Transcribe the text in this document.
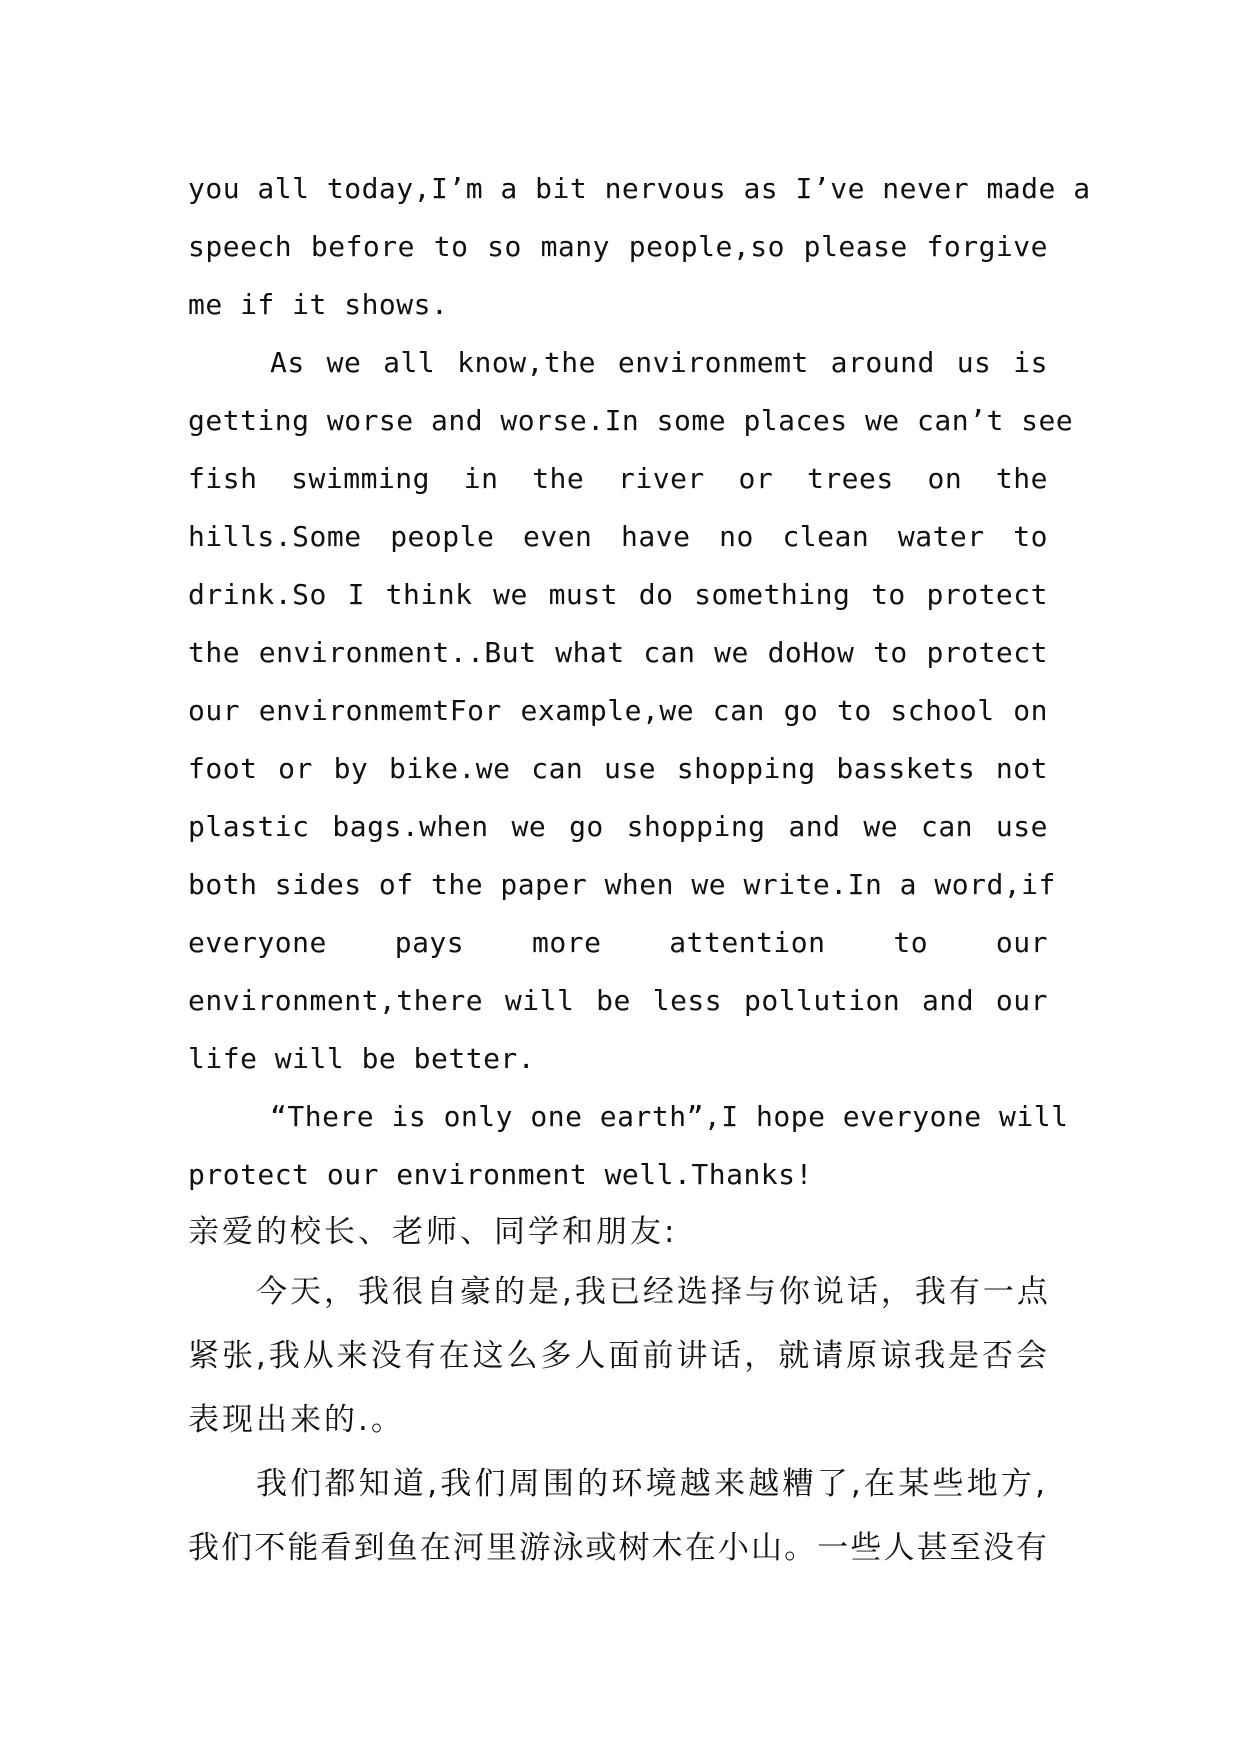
you all today,I’m a bit nervous as I’ve never made a
speech before to so many people,so please forgive
me if it shows.
As we all know,the environmemt around us is
getting worse and worse.In some places we can’t see
fish swimming in the river or trees on the
hills.Some people even have no clean water to
drink.So I think we must do something to protect
the environment..But what can we doHow to protect
our environmemtFor example,we can go to school on
foot or by bike.we can use shopping basskets not
plastic bags.when we go shopping and we can use
both sides of the paper when we write.In a word,if
everyone pays more attention to our
environment,there will be less pollution and our
life will be better.
“There is only one earth”,I hope everyone will
protect our environment well.Thanks!
亲爱的校长、老师、同学和朋友:
今天，我很自豪的是,我已经选择与你说话，我有一点
紧张,我从来没有在这么多人面前讲话，就请原谅我是否会
表现出来的.。
我们都知道,我们周围的环境越来越糟了,在某些地方,
我们不能看到鱼在河里游泳或树木在小山。一些人甚至没有
